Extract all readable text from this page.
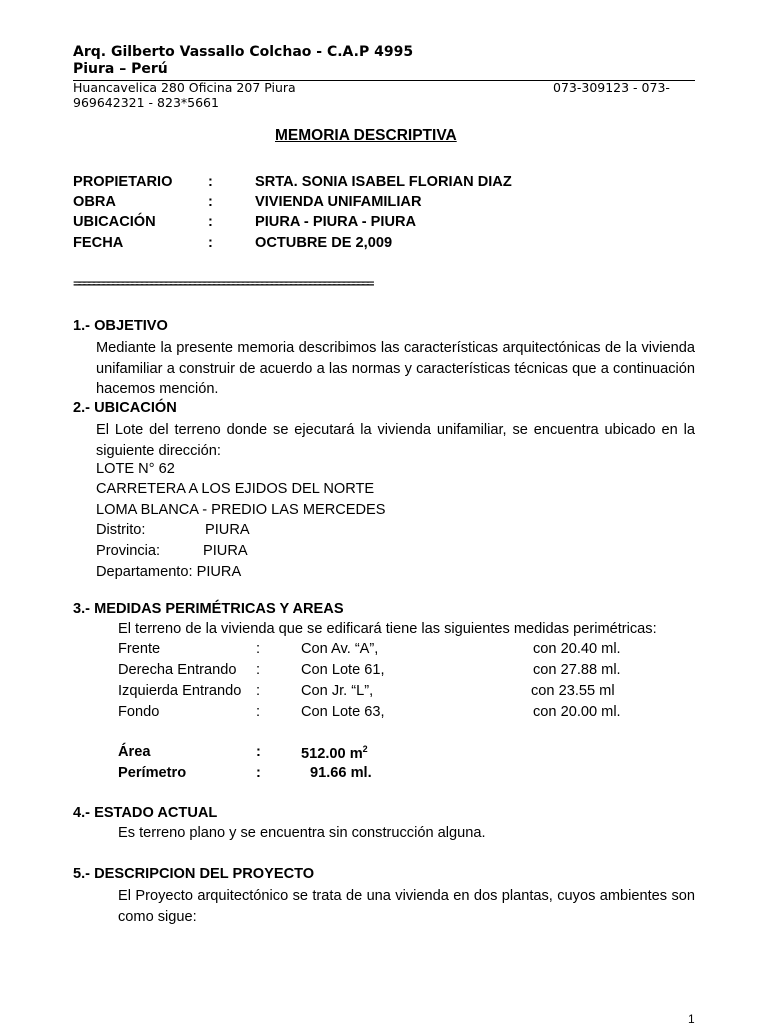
Arq. Gilberto Vassallo Colchao - C.A.P 4995
Piura – Perú
Huancavelica 280 Oficina 207 Piura	073-309123 - 073-
969642321 - 823*5661
MEMORIA DESCRIPTIVA
PROPIETARIO :	SRTA. SONIA ISABEL FLORIAN DIAZ
OBRA	:	VIVIENDA UNIFAMILIAR
UBICACIÓN	:	PIURA - PIURA - PIURA
FECHA	:	OCTUBRE DE 2,009
==============================================================
1.- OBJETIVO
Mediante la presente memoria describimos las características arquitectónicas de la vivienda unifamiliar a construir de acuerdo a las normas y características técnicas que a continuación hacemos mención.
2.- UBICACIÓN
El Lote del terreno donde se ejecutará la vivienda unifamiliar, se encuentra ubicado en la siguiente dirección:
LOTE N° 62
CARRETERA A LOS EJIDOS DEL NORTE
LOMA BLANCA - PREDIO LAS MERCEDES
Distrito:	PIURA
Provincia:	PIURA
Departamento: PIURA
3.- MEDIDAS PERIMÉTRICAS Y AREAS
El terreno de la vivienda que se edificará tiene las siguientes medidas perimétricas:
Frente	:	Con Av. “A”,	con 20.40 ml.
Derecha Entrando :	Con Lote 61,	con 27.88 ml.
Izquierda Entrando :	Con Jr. “L”,	con 23.55 ml
Fondo	:	Con Lote 63,	con 20.00 ml.
Área	:	512.00 $m^2$
Perímetro	:	91.66 ml.
4.- ESTADO ACTUAL
Es terreno plano y se encuentra sin construcción alguna.
5.- DESCRIPCION DEL PROYECTO
El Proyecto arquitectónico se trata de una vivienda en dos plantas, cuyos ambientes son como sigue:
1
